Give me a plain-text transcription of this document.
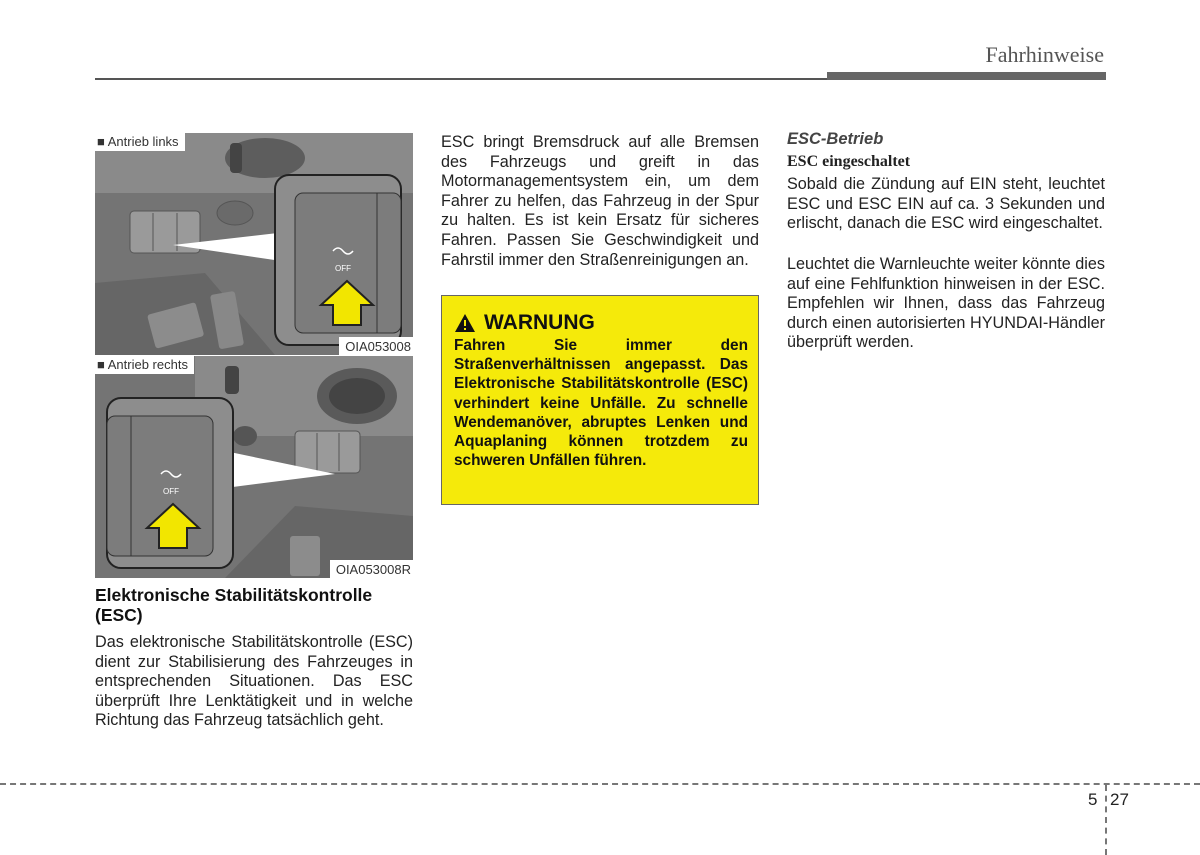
Fahrhinweise
OFF
■ Antrieb links
OIA053008
OFF
■ Antrieb rechts
OIA053008R
Elektronische Stabilitätskontrolle (ESC)

Das elektronische Stabilitätskontrolle (ESC) dient zur Stabilisierung des Fahrzeuges in entsprechenden Situationen. Das ESC überprüft Ihre Lenktätigkeit und in welche Richtung das Fahrzeug tatsächlich geht.

ESC bringt Bremsdruck auf alle Bremsen des Fahrzeugs und greift in das Motormanagementsystem ein, um dem Fahrer zu helfen, das Fahrzeug in der Spur zu halten. Es ist kein Ersatz für sicheres Fahren. Passen Sie Geschwindigkeit und Fahrstil immer den Straßenreinigungen an.

WARNUNG

Fahren Sie immer den Straßenverhältnissen angepasst. Das Elektronische Stabilitätskontrolle (ESC) verhindert keine Unfälle. Zu schnelle Wendemanöver, abruptes Lenken und Aquaplaning können trotzdem zu schweren Unfällen führen.

ESC-Betrieb
ESC eingeschaltet

Sobald die Zündung auf EIN steht, leuchtet ESC und ESC EIN auf ca. 3 Sekunden und erlischt, danach die ESC wird eingeschaltet.

Leuchtet die Warnleuchte weiter könnte dies auf eine Fehlfunktion hinweisen in der ESC. Empfehlen wir Ihnen, dass das Fahrzeug durch einen autorisierten HYUNDAI-Händler überprüft werden.

5 27
